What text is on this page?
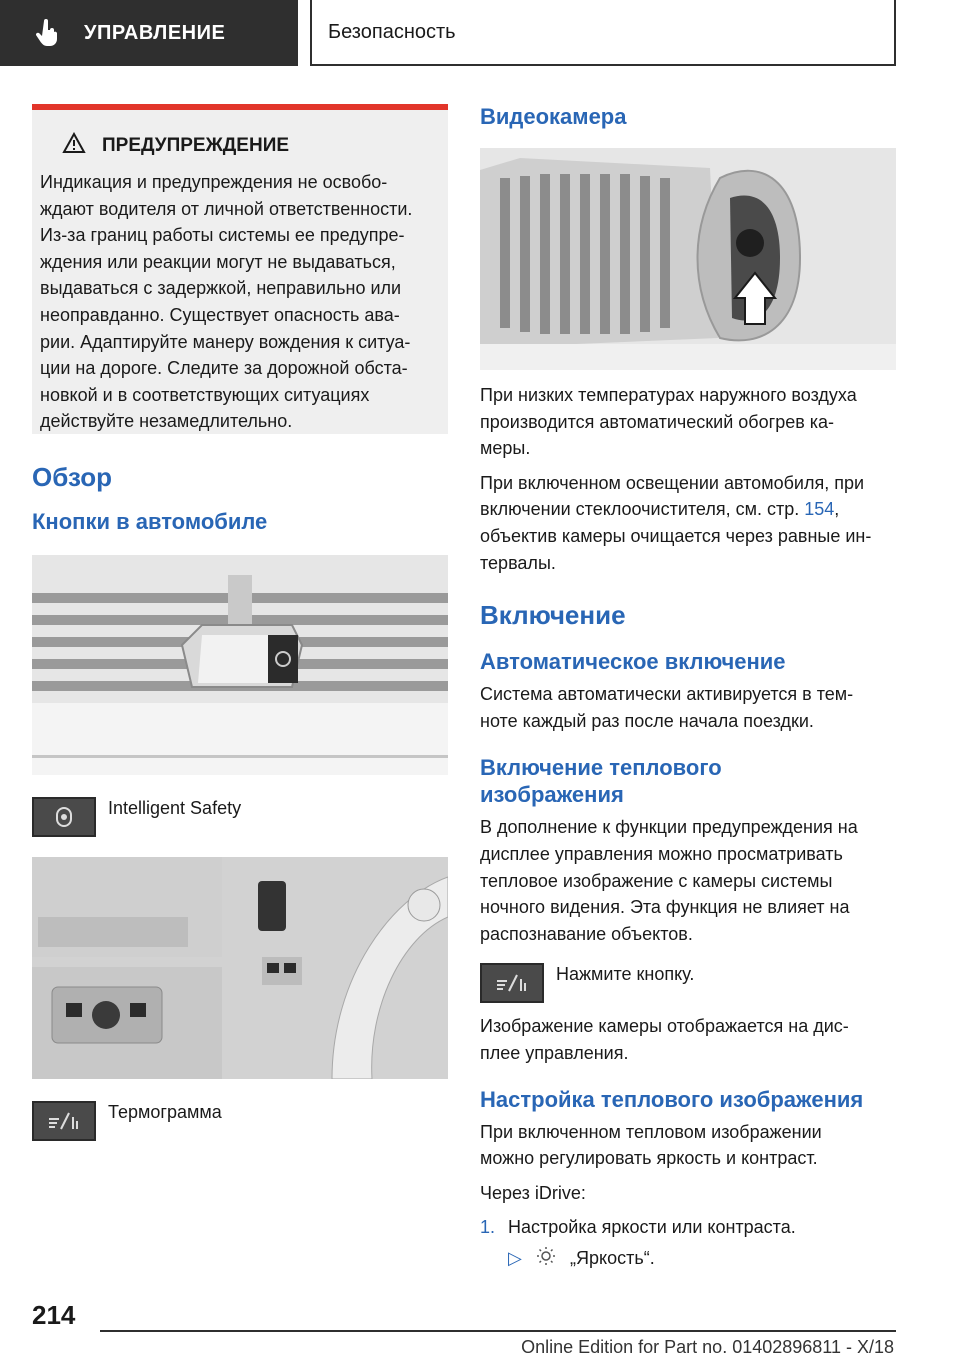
УПРАВЛЕНИЕ	Безопасность
ПРЕДУПРЕЖДЕНИЕ

Индикация и предупреждения не освобо-
ждают водителя от личной ответственности.
Из-за границ работы системы ее предупре-
ждения или реакции могут не выдаваться,
выдаваться с задержкой, неправильно или
неоправданно. Существует опасность ава-
рии. Адаптируйте манеру вождения к ситуа-
ции на дороге. Следите за дорожной обста-
новкой и в соответствующих ситуациях
действуйте незамедлительно.

Обзор
Кнопки в автомобиле
Intelligent Safety
Термограмма
Видеокамера

При низких температурах наружного воздуха
производится автоматический обогрев ка-
меры.

При включенном освещении автомобиля, при
включении стеклоочистителя, см. стр. 154,
объектив камеры очищается через равные ин-
тервалы.

Включение
Автоматическое включение

Система автоматически активируется в тем-
ноте каждый раз после начала поездки.

Включение теплового
изображения

В дополнение к функции предупреждения на
дисплее управления можно просматривать
тепловое изображение с камеры системы
ночного видения. Эта функция не влияет на
распознавание объектов.

Нажмите кнопку.

Изображение камеры отображается на дис-
плее управления.

Настройка теплового изображения

При включенном тепловом изображении
можно регулировать яркость и контраст.

Через iDrive:

1. Настройка яркости или контраста.
▷	„Яркость“.
214
Online Edition for Part no. 01402896811 - X/18
